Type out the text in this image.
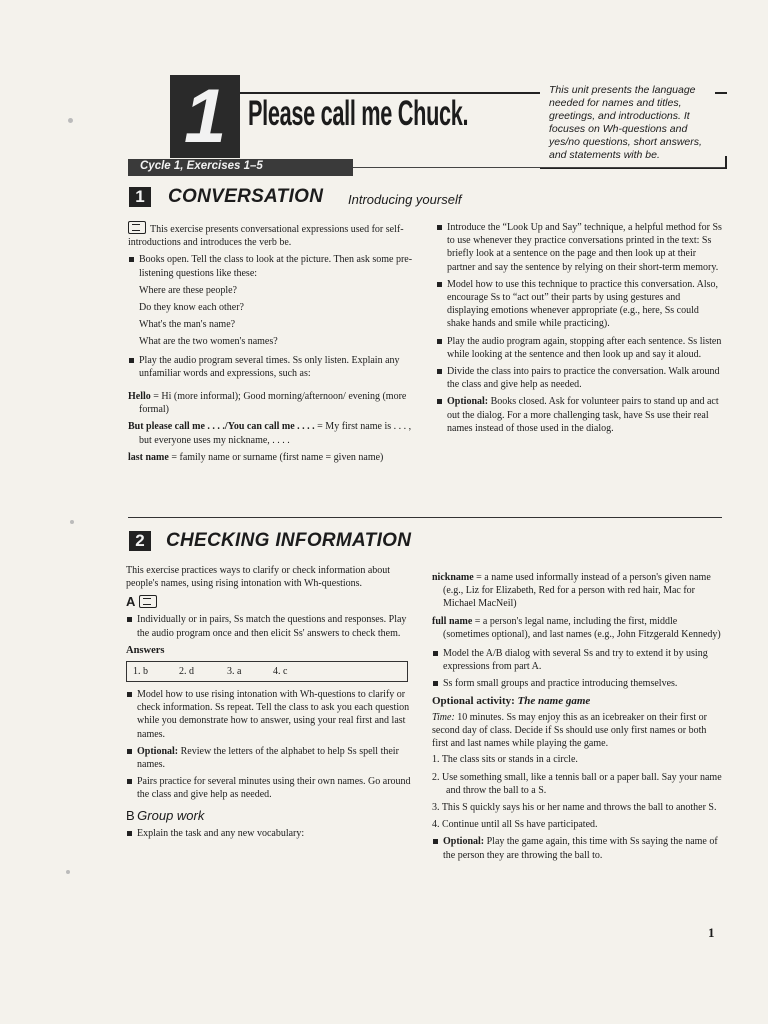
1 Please call me Chuck.
This unit presents the language needed for names and titles, greetings, and introductions. It focuses on Wh-questions and yes/no questions, short answers, and statements with be.
Cycle 1, Exercises 1–5
1	CONVERSATION Introducing yourself

This exercise presents conversational expressions used for self-introductions and introduces the verb be.

Books open. Tell the class to look at the picture. Then ask some pre-listening questions like these:

Where are these people?

Do they know each other?

What's the man's name?

What are the two women's names?

Play the audio program several times. Ss only listen. Explain any unfamiliar words and expressions, such as:

Hello = Hi (more informal); Good morning/afternoon/ evening (more formal)

But please call me . . . ./You can call me . . . . = My first name is . . . , but everyone uses my nickname, . . . .

last name = family name or surname (first name = given name)

Introduce the “Look Up and Say” technique, a helpful method for Ss to use whenever they practice conversations printed in the text: Ss briefly look at a sentence on the page and then look up at their partner and say the sentence by relying on their short-term memory.

Model how to use this technique to practice this conversation. Also, encourage Ss to “act out” their parts by using gestures and displaying emotions whenever appropriate (e.g., here, Ss could shake hands and smile while practicing).

Play the audio program again, stopping after each sentence. Ss listen while looking at the sentence and then look up and say it aloud.

Divide the class into pairs to practice the conversation. Walk around the class and give help as needed.

Optional: Books closed. Ask for volunteer pairs to stand up and act out the dialog. For a more challenging task, have Ss use their real names instead of those used in the dialog.

2	CHECKING INFORMATION

This exercise practices ways to clarify or check information about people's names, using rising intonation with Wh-questions.

A

Individually or in pairs, Ss match the questions and responses. Play the audio program once and then elicit Ss' answers to check them.

Answers
1. b	2. d	3. a	4. c

Model how to use rising intonation with Wh-questions to clarify or check information. Ss repeat. Tell the class to ask you each question while you demonstrate how to answer, using your real first and last names.

Optional: Review the letters of the alphabet to help Ss spell their names.

Pairs practice for several minutes using their own names. Go around the class and give help as needed.

B Group work

Explain the task and any new vocabulary:

nickname = a name used informally instead of a person's given name (e.g., Liz for Elizabeth, Red for a person with red hair, Mac for Michael MacNeil)

full name = a person's legal name, including the first, middle (sometimes optional), and last names (e.g., John Fitzgerald Kennedy)

Model the A/B dialog with several Ss and try to extend it by using expressions from part A.

Ss form small groups and practice introducing themselves.

Optional activity: The name game

Time: 10 minutes. Ss may enjoy this as an icebreaker on their first or second day of class. Decide if Ss should use only first names or both first and last names while playing the game.

1. The class sits or stands in a circle.

2. Use something small, like a tennis ball or a paper ball. Say your name and throw the ball to a S.

3. This S quickly says his or her name and throws the ball to another S.

4. Continue until all Ss have participated.

Optional: Play the game again, this time with Ss saying the name of the person they are throwing the ball to.

1
